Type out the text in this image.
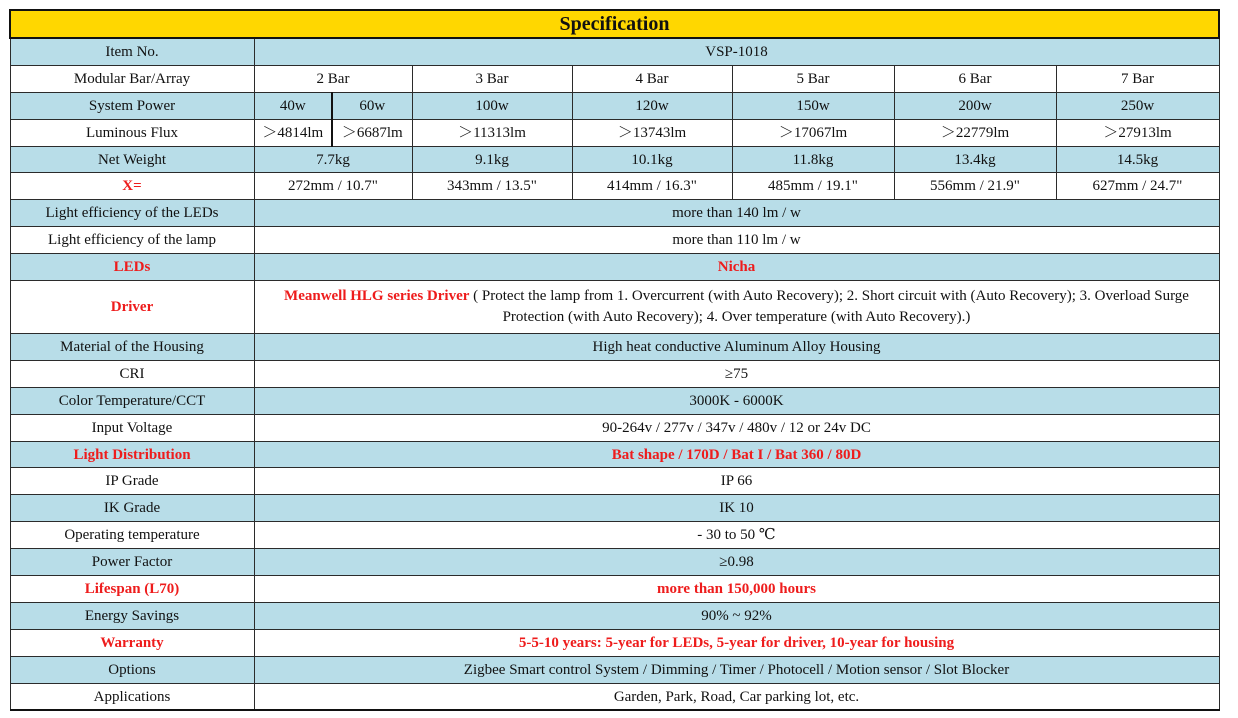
Specification							
Item No.	VSP-1018						
Modular Bar/Array	2 Bar		3 Bar	4 Bar	5 Bar	6 Bar	7 Bar
System Power	40w	60w	100w	120w	150w	200w	250w
Luminous Flux	＞4814lm	＞6687lm	＞11313lm	＞13743lm	＞17067lm	＞22779lm	＞27913lm
Net Weight	7.7kg		9.1kg	10.1kg	11.8kg	13.4kg	14.5kg
X=	272mm / 10.7"		343mm / 13.5"	414mm / 16.3"	485mm / 19.1"	556mm / 21.9"	627mm / 24.7"
Light efficiency of the LEDs	more than 140 lm / w						
Light efficiency of the lamp	more than 110 lm / w						
LEDs	Nicha						
Driver	Meanwell HLG series Driver ( Protect the lamp from 1. Overcurrent (with Auto Recovery); 2. Short circuit with (Auto Recovery); 3. Overload Surge Protection (with Auto Recovery); 4. Over temperature (with Auto Recovery).)						
Material of the Housing	High heat conductive Aluminum Alloy Housing						
CRI	≥75						
Color Temperature/CCT	3000K - 6000K						
Input Voltage	90-264v / 277v / 347v / 480v / 12 or 24v DC						
Light Distribution	Bat shape / 170D / Bat I / Bat 360 / 80D						
IP Grade	IP 66						
IK Grade	IK 10						
Operating temperature	- 30 to 50 ℃						
Power Factor	≥0.98						
Lifespan (L70)	more than 150,000 hours						
Energy Savings	90% ~ 92%						
Warranty	5-5-10 years: 5-year for LEDs, 5-year for driver, 10-year for housing						
Options	Zigbee Smart control System / Dimming / Timer / Photocell / Motion sensor / Slot Blocker						
Applications	Garden, Park, Road, Car parking lot, etc.						
